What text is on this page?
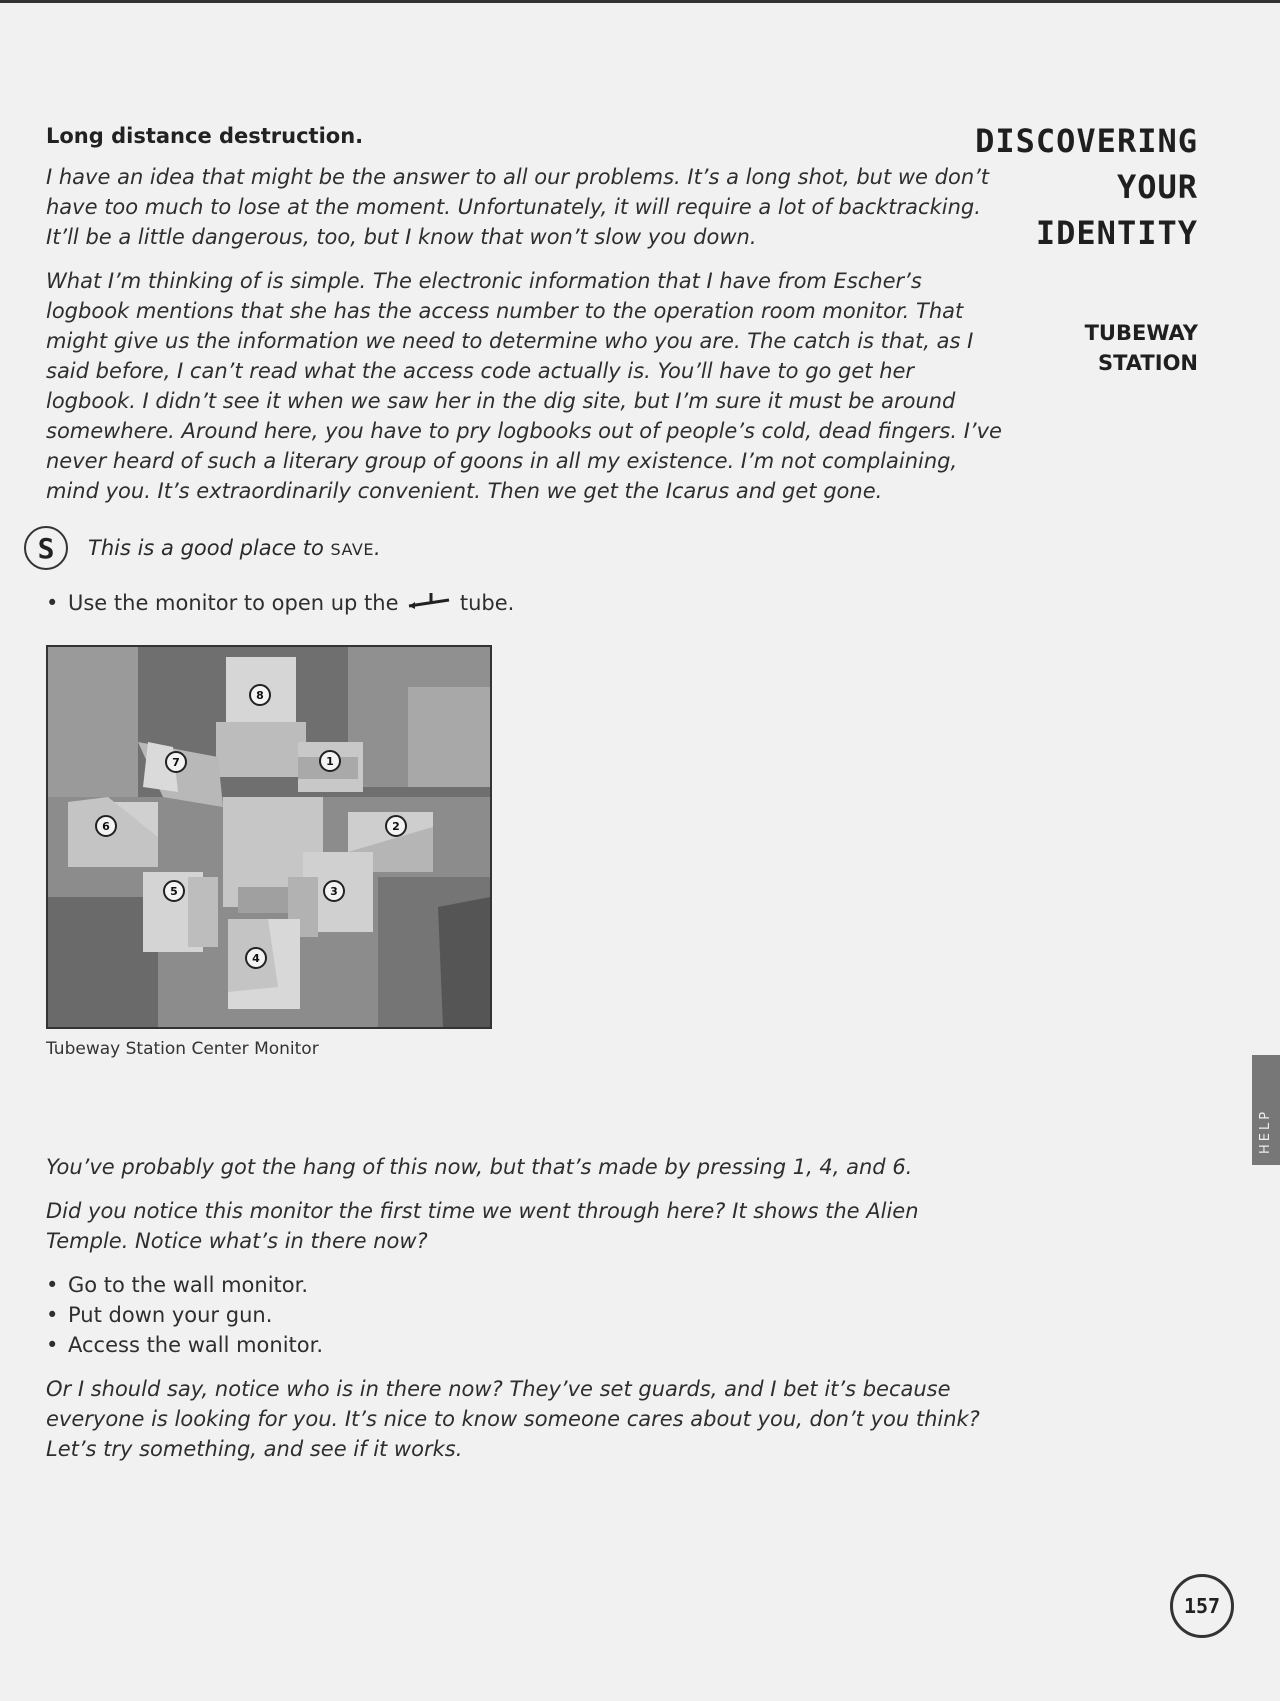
Long distance destruction.

I have an idea that might be the answer to all our problems. It’s a long shot, but we don’t have too much to lose at the moment. Unfortunately, it will require a lot of backtracking. It’ll be a little dangerous, too, but I know that won’t slow you down.

What I’m thinking of is simple. The electronic information that I have from Escher’s logbook mentions that she has the access number to the operation room monitor. That might give us the information we need to determine who you are. The catch is that, as I said before, I can’t read what the access code actually is. You’ll have to go get her logbook. I didn’t see it when we saw her in the dig site, but I’m sure it must be around somewhere. Around here, you have to pry logbooks out of people’s cold, dead fingers. I’ve never heard of such a literary group of goons in all my existence. I’m not complaining, mind you. It’s extraordinarily convenient. Then we get the Icarus and get gone.

S	This is a good place to SAVE.

• Use the monitor to open up the	tube.

8
7	1
6	2
5	3
4
Tubeway Station Center Monitor

You’ve probably got the hang of this now, but that’s made by pressing 1, 4, and 6.

Did you notice this monitor the first time we went through here? It shows the Alien Temple. Notice what’s in there now?

• Go to the wall monitor.

• Put down your gun.

• Access the wall monitor.

Or I should say, notice who is in there now? They’ve set guards, and I bet it’s because everyone is looking for you. It’s nice to know someone cares about you, don’t you think? Let’s try something, and see if it works.

DISCOVERING
YOUR
IDENTITY
TUBEWAY
STATION
HELP
157
